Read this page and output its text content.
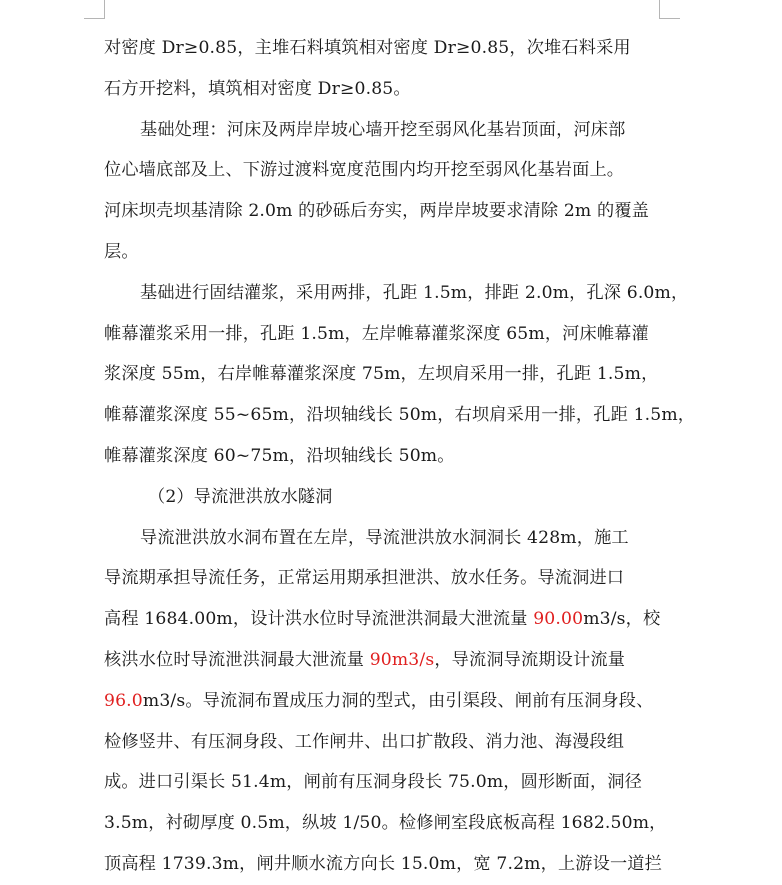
对密度 Dr≥0.85，主堆石料填筑相对密度 Dr≥0.85，次堆石料采用
石方开挖料，填筑相对密度 Dr≥0.85。
基础处理：河床及两岸岸坡心墙开挖至弱风化基岩顶面，河床部
位心墙底部及上、下游过渡料宽度范围内均开挖至弱风化基岩面上。
河床坝壳坝基清除 2.0m 的砂砾后夯实，两岸岸坡要求清除 2m 的覆盖
层。
基础进行固结灌浆，采用两排，孔距 1.5m，排距 2.0m，孔深 6.0m，
帷幕灌浆采用一排，孔距 1.5m，左岸帷幕灌浆深度 65m，河床帷幕灌
浆深度 55m，右岸帷幕灌浆深度 75m，左坝肩采用一排，孔距 1.5m，
帷幕灌浆深度 55~65m，沿坝轴线长 50m，右坝肩采用一排，孔距 1.5m，
帷幕灌浆深度 60~75m，沿坝轴线长 50m。
（2）导流泄洪放水隧洞
导流泄洪放水洞布置在左岸，导流泄洪放水洞洞长 428m，施工
导流期承担导流任务，正常运用期承担泄洪、放水任务。导流洞进口
高程 1684.00m，设计洪水位时导流泄洪洞最大泄流量 90.00m3/s，校
核洪水位时导流泄洪洞最大泄流量 90m3/s，导流洞导流期设计流量
96.0m3/s。导流洞布置成压力洞的型式，由引渠段、闸前有压洞身段、
检修竖井、有压洞身段、工作闸井、出口扩散段、消力池、海漫段组
成。进口引渠长 51.4m，闸前有压洞身段长 75.0m，圆形断面，洞径
3.5m，衬砌厚度 0.5m，纵坡 1/50。检修闸室段底板高程 1682.50m，
顶高程 1739.3m，闸井顺水流方向长 15.0m，宽 7.2m，上游设一道拦
